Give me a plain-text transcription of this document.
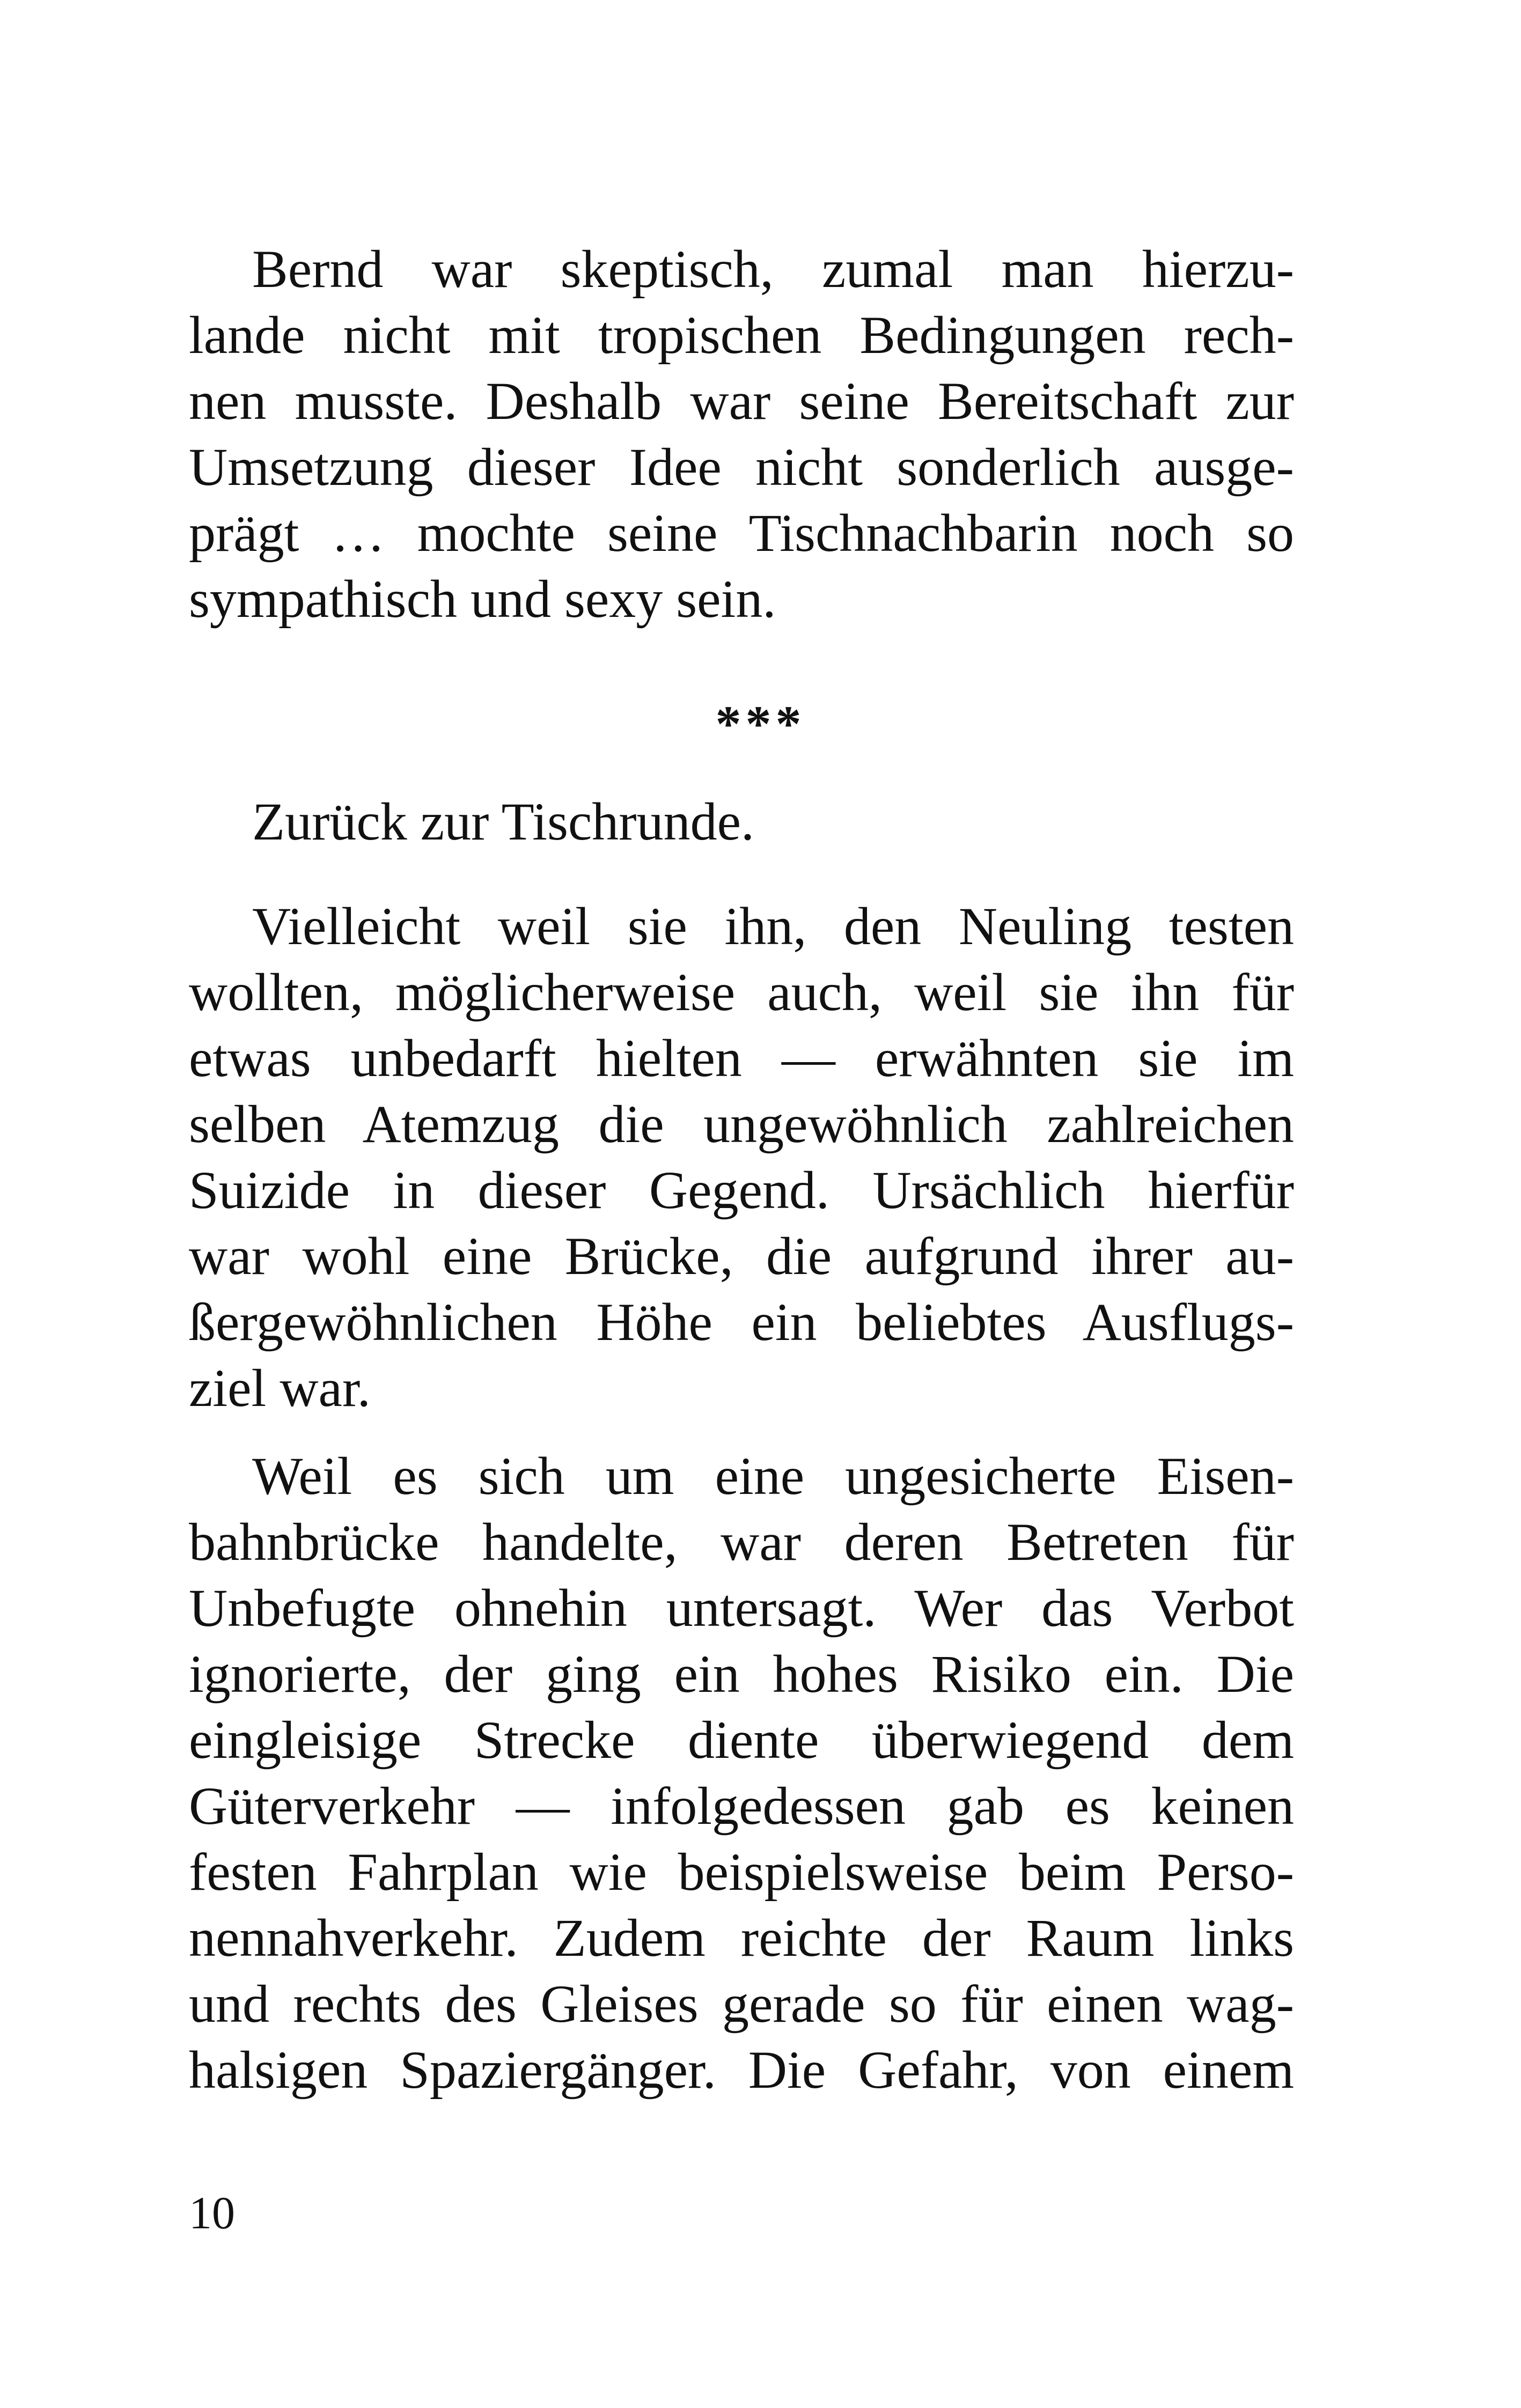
Bernd war skeptisch, zumal man hierzu-
lande nicht mit tropischen Bedingungen rech-
nen musste. Deshalb war seine Bereitschaft zur
Umsetzung dieser Idee nicht sonderlich ausge-
prägt … mochte seine Tischnachbarin noch so
sympathisch und sexy sein.
***
Zurück zur Tischrunde.
Vielleicht weil sie ihn, den Neuling testen
wollten, möglicherweise auch, weil sie ihn für
etwas unbedarft hielten — erwähnten sie im
selben Atemzug die ungewöhnlich zahlreichen
Suizide in dieser Gegend. Ursächlich hierfür
war wohl eine Brücke, die aufgrund ihrer au-
ßergewöhnlichen Höhe ein beliebtes Ausflugs-
ziel war.
Weil es sich um eine ungesicherte Eisen-
bahnbrücke handelte, war deren Betreten für
Unbefugte ohnehin untersagt. Wer das Verbot
ignorierte, der ging ein hohes Risiko ein. Die
eingleisige Strecke diente überwiegend dem
Güterverkehr — infolgedessen gab es keinen
festen Fahrplan wie beispielsweise beim Perso-
nennahverkehr. Zudem reichte der Raum links
und rechts des Gleises gerade so für einen wag-
halsigen Spaziergänger. Die Gefahr, von einem
10
